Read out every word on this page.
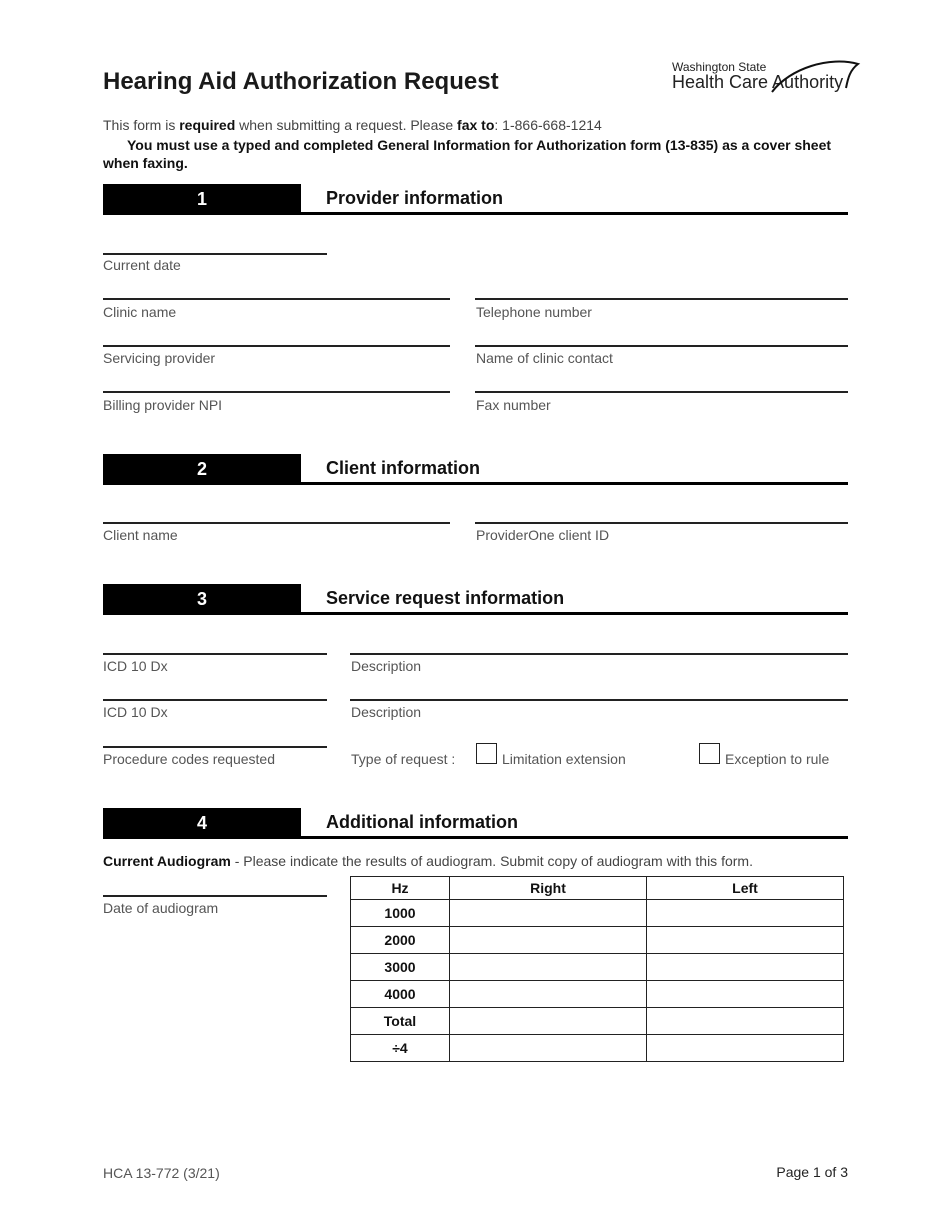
Hearing Aid Authorization Request
Washington State
Health Care Authority
This form is required when submitting a request. Please fax to: 1-866-668-1214
You must use a typed and completed General Information for Authorization form (13-835) as a cover sheet when faxing.
1	Provider information
Current date
Clinic name	Telephone number
Servicing provider	Name of clinic contact
Billing provider NPI	Fax number
2	Client information
Client name	ProviderOne client ID
3	Service request information
ICD 10 Dx	Description
ICD 10 Dx	Description
Procedure codes requested	Type of request :	Limitation extension	Exception to rule
4	Additional information
Current Audiogram - Please indicate the results of audiogram. Submit copy of audiogram with this form.
Date of audiogram
Hz	Right	Left
1000		
2000		
3000		
4000		
Total		
÷4		
HCA 13-772 (3/21)	Page 1 of 3
